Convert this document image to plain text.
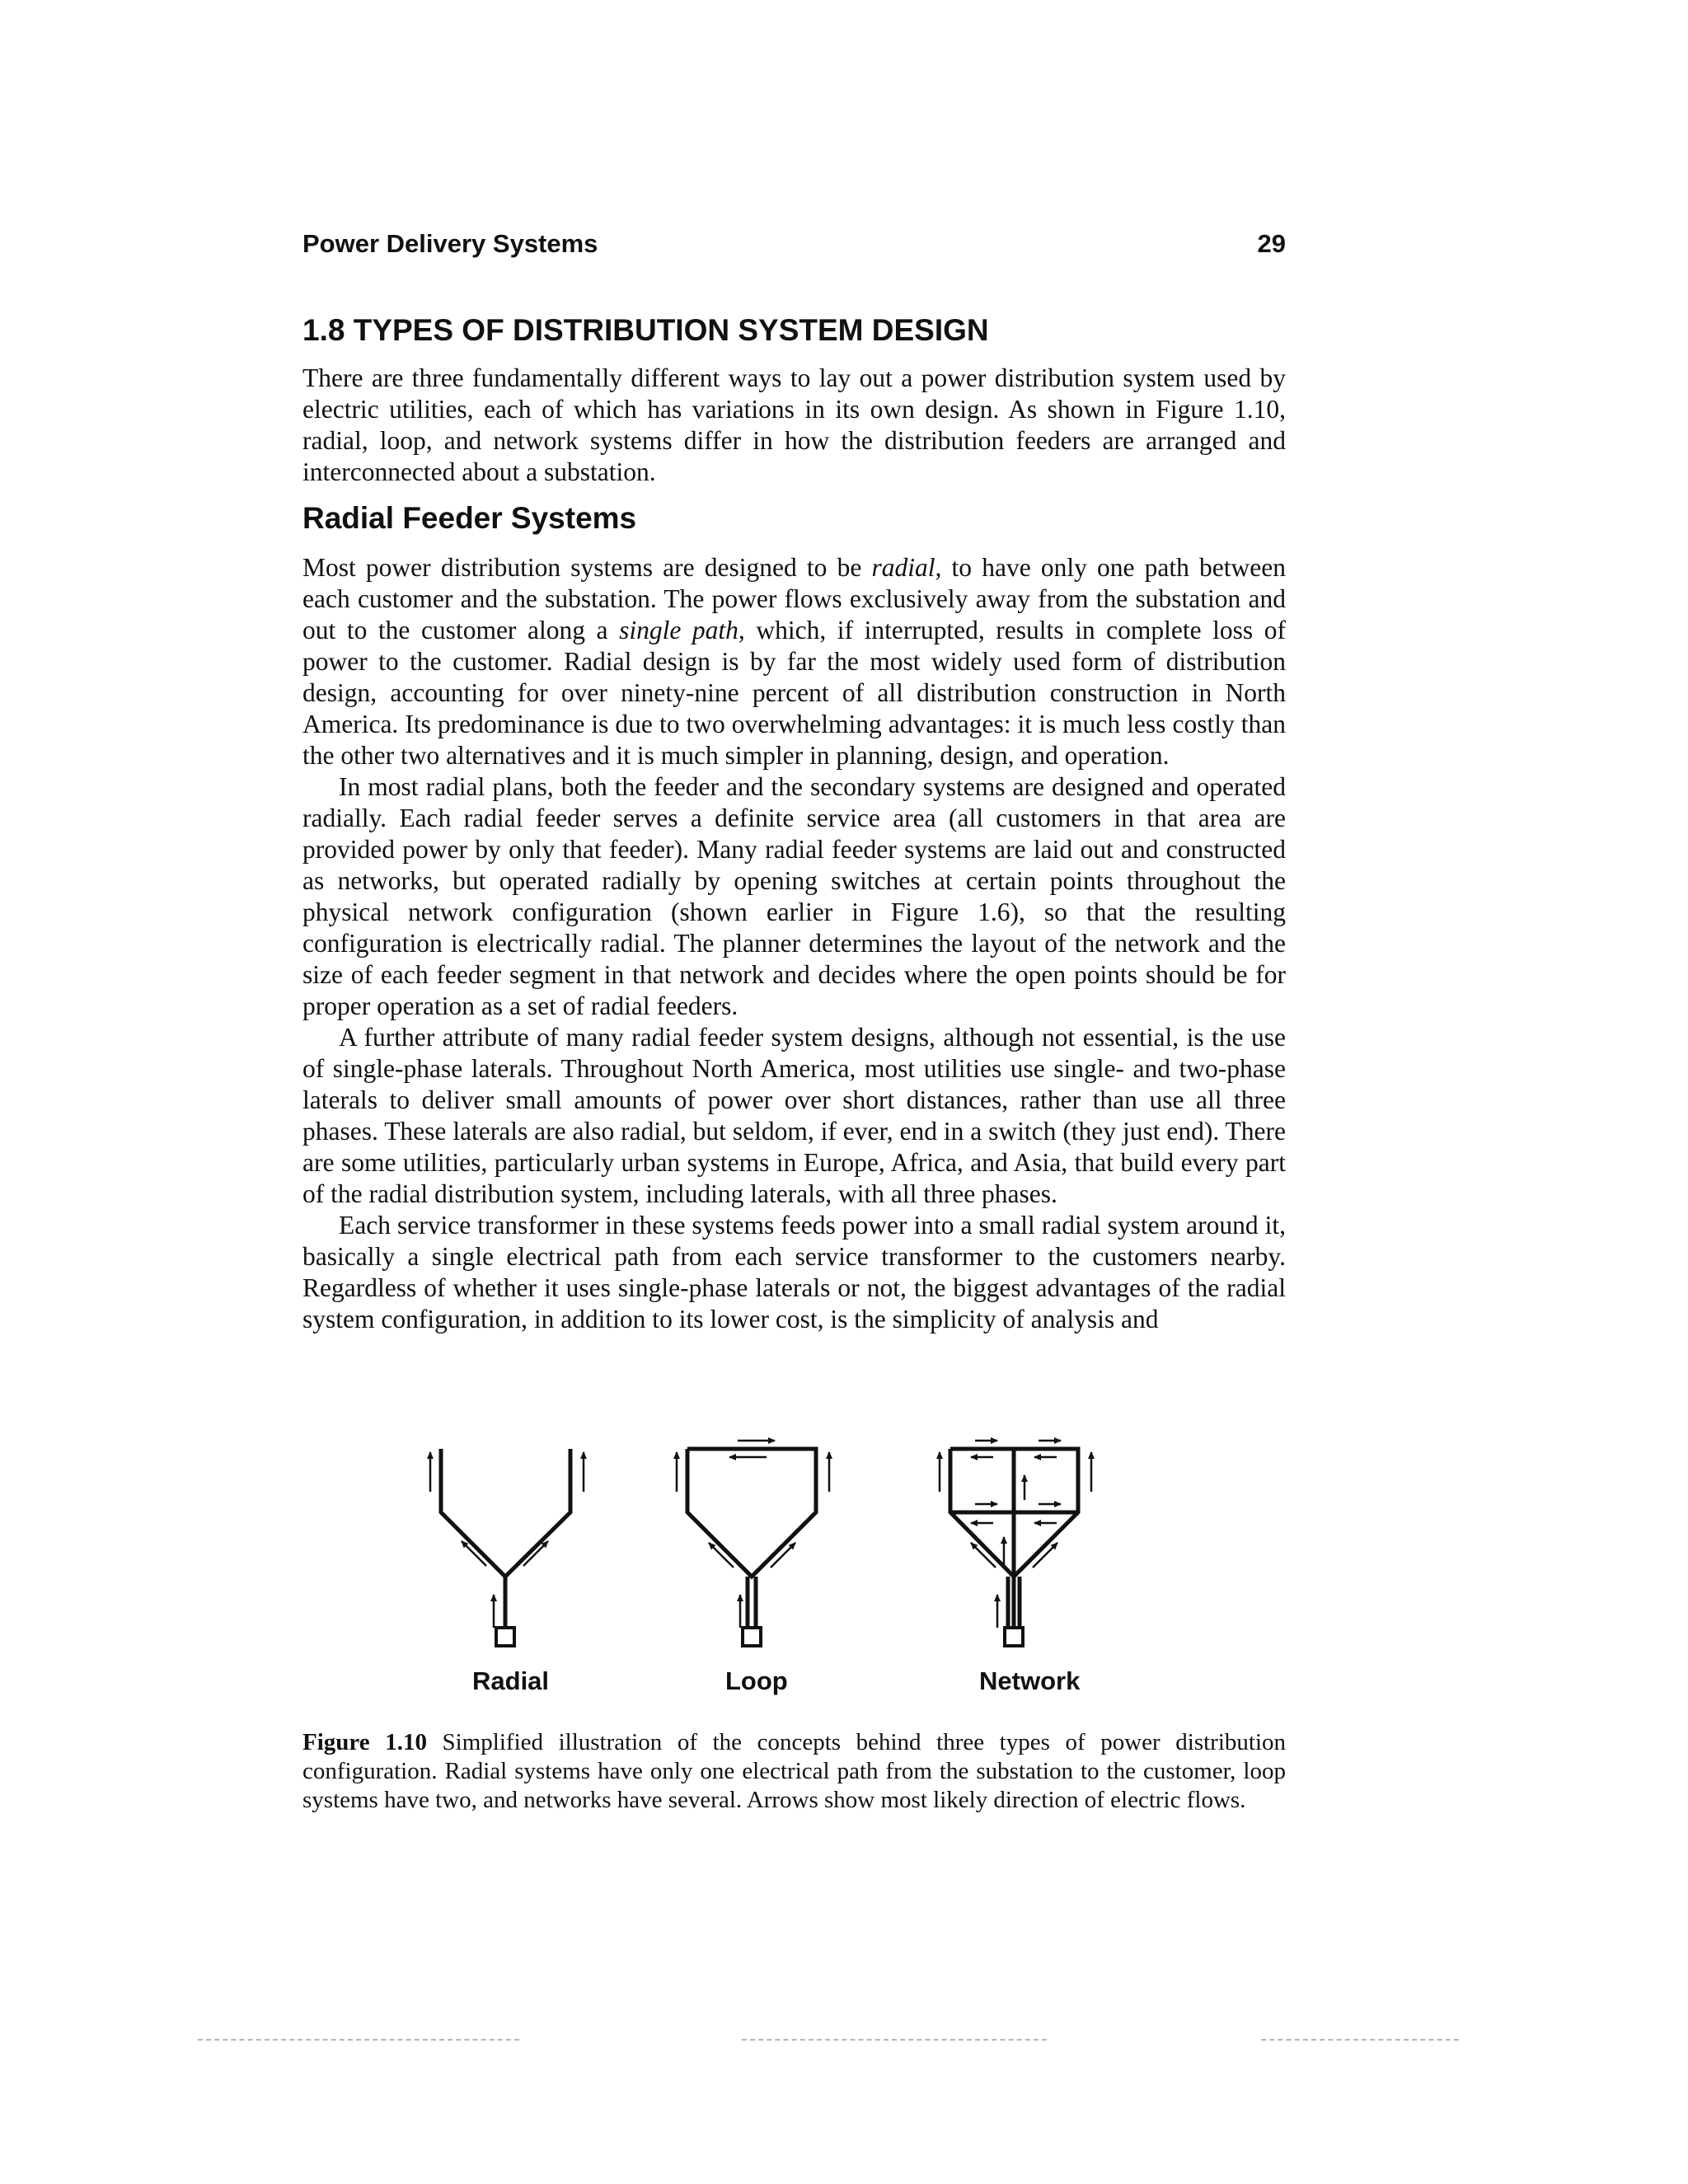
Power Delivery Systems	29
1.8 TYPES OF DISTRIBUTION SYSTEM DESIGN

There are three fundamentally different ways to lay out a power distribution system used by electric utilities, each of which has variations in its own design. As shown in Figure 1.10, radial, loop, and network systems differ in how the distribution feeders are arranged and interconnected about a substation.

Radial Feeder Systems

Most power distribution systems are designed to be radial, to have only one path between each customer and the substation. The power flows exclusively away from the substation and out to the customer along a single path, which, if interrupted, results in complete loss of power to the customer. Radial design is by far the most widely used form of distribution design, accounting for over ninety-nine percent of all distribution construction in North America. Its predominance is due to two overwhelming advantages: it is much less costly than the other two alternatives and it is much simpler in planning, design, and operation.

In most radial plans, both the feeder and the secondary systems are designed and operated radially. Each radial feeder serves a definite service area (all customers in that area are provided power by only that feeder). Many radial feeder systems are laid out and constructed as networks, but operated radially by opening switches at certain points throughout the physical network configuration (shown earlier in Figure 1.6), so that the resulting configuration is electrically radial. The planner determines the layout of the network and the size of each feeder segment in that network and decides where the open points should be for proper operation as a set of radial feeders.

A further attribute of many radial feeder system designs, although not essential, is the use of single-phase laterals. Throughout North America, most utilities use single- and two-phase laterals to deliver small amounts of power over short distances, rather than use all three phases. These laterals are also radial, but seldom, if ever, end in a switch (they just end). There are some utilities, particularly urban systems in Europe, Africa, and Asia, that build every part of the radial distribution system, including laterals, with all three phases.

Each service transformer in these systems feeds power into a small radial system around it, basically a single electrical path from each service transformer to the customers nearby. Regardless of whether it uses single-phase laterals or not, the biggest advantages of the radial system configuration, in addition to its lower cost, is the simplicity of analysis and

Radial	Loop	Network

Figure 1.10 Simplified illustration of the concepts behind three types of power distribution configuration. Radial systems have only one electrical path from the substation to the customer, loop systems have two, and networks have several. Arrows show most likely direction of electric flows.
